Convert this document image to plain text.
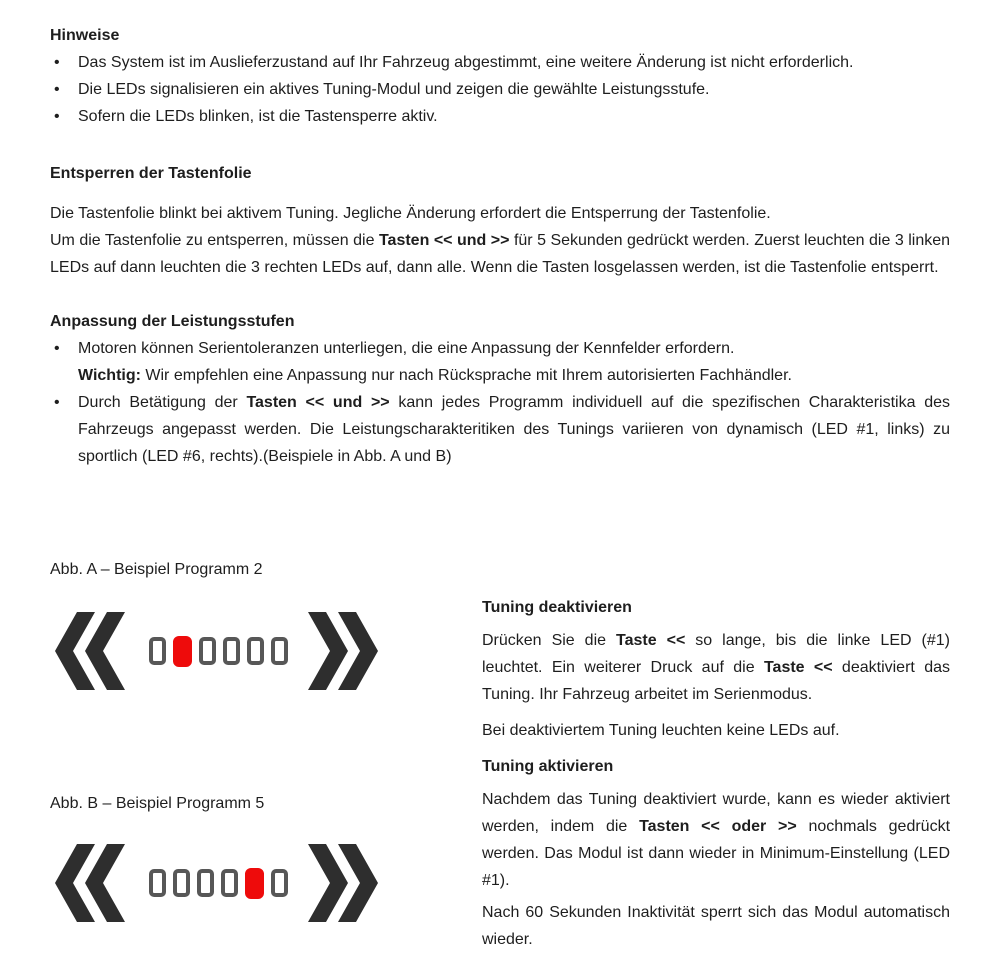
Hinweise
• Das System ist im Auslieferzustand auf Ihr Fahrzeug abgestimmt, eine weitere Änderung ist nicht erforderlich.
• Die LEDs signalisieren ein aktives Tuning-Modul und zeigen die gewählte Leistungsstufe.
• Sofern die LEDs blinken, ist die Tastensperre aktiv.
Entsperren der Tastenfolie

Die Tastenfolie blinkt bei aktivem Tuning. Jegliche Änderung erfordert die Entsperrung der Tastenfolie.
Um die Tastenfolie zu entsperren, müssen die Tasten << und >> für 5 Sekunden gedrückt werden. Zuerst leuchten die 3 linken LEDs auf dann leuchten die 3 rechten LEDs auf, dann alle. Wenn die Tasten losgelassen werden, ist die Tastenfolie entsperrt.

Anpassung der Leistungsstufen
• Motoren können Serientoleranzen unterliegen, die eine Anpassung der Kennfelder erfordern.
Wichtig: Wir empfehlen eine Anpassung nur nach Rücksprache mit Ihrem autorisierten Fachhändler.
• Durch Betätigung der Tasten << und >> kann jedes Programm individuell auf die spezifischen Charakteristika des Fahrzeugs angepasst werden. Die Leistungscharakteritiken des Tunings variieren von dynamisch (LED #1, links) zu sportlich (LED #6, rechts).(Beispiele in Abb. A und B)

Abb. A – Beispiel Programm 2

Abb. B – Beispiel Programm 5

Tuning deaktivieren

Drücken Sie die Taste << so lange, bis die linke LED (#1) leuchtet. Ein weiterer Druck auf die Taste << deaktiviert das Tuning. Ihr Fahrzeug arbeitet im Serienmodus.

Bei deaktiviertem Tuning leuchten keine LEDs auf.

Tuning aktivieren

Nachdem das Tuning deaktiviert wurde, kann es wieder aktiviert werden, indem die Tasten << oder >> nochmals gedrückt werden. Das Modul ist dann wieder in Minimum-Einstellung (LED #1).

Nach 60 Sekunden Inaktivität sperrt sich das Modul automatisch wieder.
